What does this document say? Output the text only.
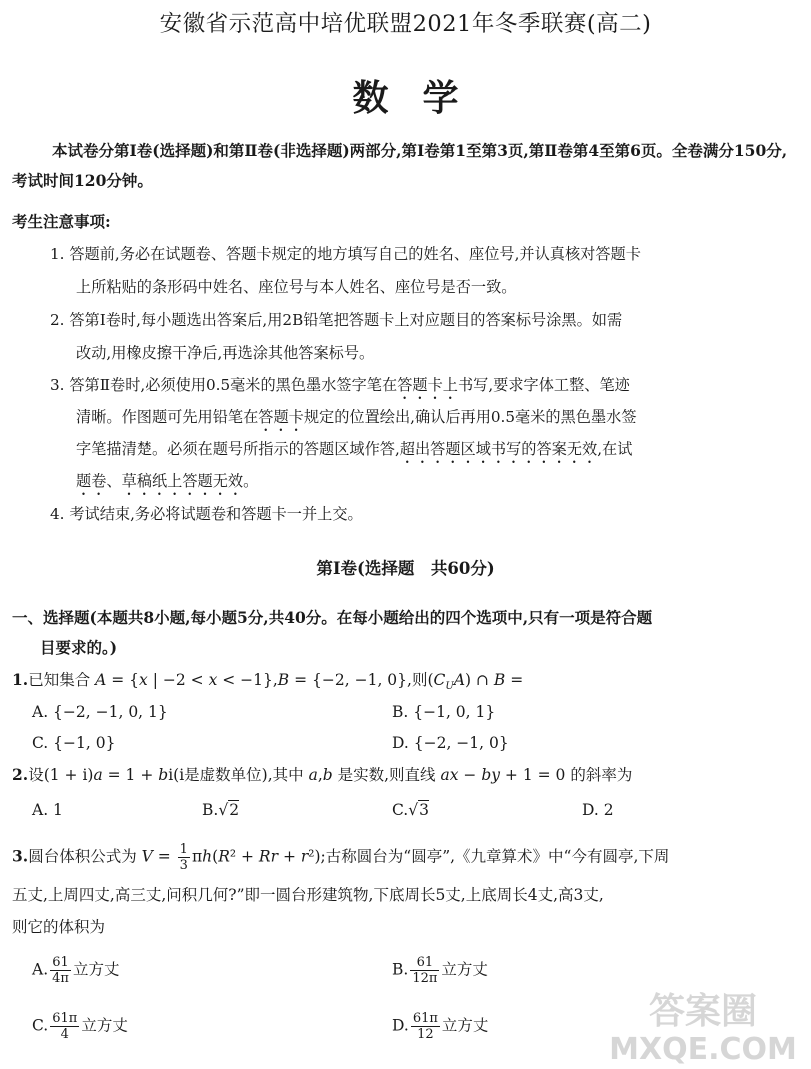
安徽省示范高中培优联盟2021年冬季联赛(高二)
数学
本试卷分第Ⅰ卷(选择题)和第Ⅱ卷(非选择题)两部分,第Ⅰ卷第1至第3页,第Ⅱ卷第4至第6页。全卷满分150分,考试时间120分钟。
考生注意事项:
1. 答题前,务必在试题卷、答题卡规定的地方填写自己的姓名、座位号,并认真核对答题卡
上所粘贴的条形码中姓名、座位号与本人姓名、座位号是否一致。
2. 答第Ⅰ卷时,每小题选出答案后,用2B铅笔把答题卡上对应题目的答案标号涂黑。如需
改动,用橡皮擦干净后,再选涂其他答案标号。
3. 答第Ⅱ卷时,必须使用0.5毫米的黑色墨水签字笔在答题卡上书写,要求字体工整、笔迹
清晰。作图题可先用铅笔在答题卡规定的位置绘出,确认后再用0.5毫米的黑色墨水签
字笔描清楚。必须在题号所指示的答题区域作答,超出答题区域书写的答案无效,在试
题卷、草稿纸上答题无效。
4. 考试结束,务必将试题卷和答题卡一并上交。
第Ⅰ卷(选择题　共60分)
一、选择题(本题共8小题,每小题5分,共40分。在每小题给出的四个选项中,只有一项是符合题
目要求的。)
1.已知集合 A = {x | −2 < x < −1},B = {−2, −1, 0},则$(C_UA)$ ∩ B =
A. {−2, −1, 0, 1}	B. {−1, 0, 1}
C. {−1, 0}	D. {−2, −1, 0}
2.设(1 + i)a = 1 + bi(i是虚数单位),其中 a,b 是实数,则直线 ax − by + 1 = 0 的斜率为
A. 1	B.√2	C.√3	D. 2
3.圆台体积公式为 $V = \frac{1}{3} \pi h(R^2 + Rr + r^2)$;古称圆台为“圆亭”,《九章算术》中“今有圆亭,下周
五丈,上周四丈,高三丈,问积几何?”即一圆台形建筑物,下底周长5丈,上底周长4丈,高3丈,
则它的体积为
A. $\frac{61}{4\pi}$ 立方丈	B. $\frac{61}{12\pi}$ 立方丈
C. $\frac{61\pi}{4}$ 立方丈	D. $\frac{61\pi}{12}$ 立方丈	答案圈
MXQE.COM
